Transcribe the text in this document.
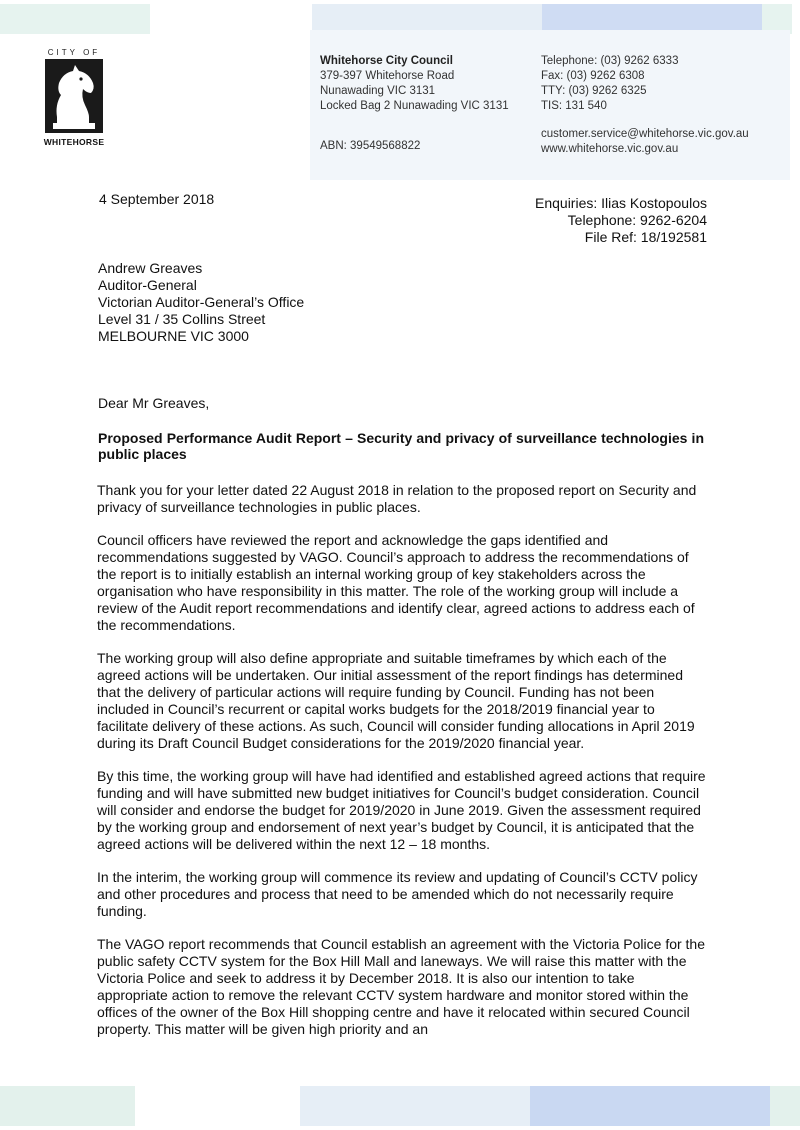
CITY OF
WHITEHORSE
Whitehorse City Council
379-397 Whitehorse Road
Nunawading VIC 3131
Locked Bag 2 Nunawading VIC 3131
Telephone: (03) 9262 6333
Fax: (03) 9262 6308
TTY: (03) 9262 6325
TIS: 131 540
ABN: 39549568822
customer.service@whitehorse.vic.gov.au
www.whitehorse.vic.gov.au
4 September 2018	Enquiries: Ilias Kostopoulos
Telephone: 9262-6204
File Ref: 18/192581
Andrew Greaves
Auditor-General
Victorian Auditor-General’s Office
Level 31 / 35 Collins Street
MELBOURNE VIC 3000
Dear Mr Greaves,
Proposed Performance Audit Report – Security and privacy of surveillance technologies in public places

Thank you for your letter dated 22 August 2018 in relation to the proposed report on Security and privacy of surveillance technologies in public places.

Council officers have reviewed the report and acknowledge the gaps identified and recommendations suggested by VAGO. Council’s approach to address the recommendations of the report is to initially establish an internal working group of key stakeholders across the organisation who have responsibility in this matter. The role of the working group will include a review of the Audit report recommendations and identify clear, agreed actions to address each of the recommendations.

The working group will also define appropriate and suitable timeframes by which each of the agreed actions will be undertaken. Our initial assessment of the report findings has determined that the delivery of particular actions will require funding by Council. Funding has not been included in Council’s recurrent or capital works budgets for the 2018/2019 financial year to facilitate delivery of these actions. As such, Council will consider funding allocations in April 2019 during its Draft Council Budget considerations for the 2019/2020 financial year.

By this time, the working group will have had identified and established agreed actions that require funding and will have submitted new budget initiatives for Council’s budget consideration. Council will consider and endorse the budget for 2019/2020 in June 2019. Given the assessment required by the working group and endorsement of next year’s budget by Council, it is anticipated that the agreed actions will be delivered within the next 12 – 18 months.

In the interim, the working group will commence its review and updating of Council’s CCTV policy and other procedures and process that need to be amended which do not necessarily require funding.

The VAGO report recommends that Council establish an agreement with the Victoria Police for the public safety CCTV system for the Box Hill Mall and laneways. We will raise this matter with the Victoria Police and seek to address it by December 2018. It is also our intention to take appropriate action to remove the relevant CCTV system hardware and monitor stored within the offices of the owner of the Box Hill shopping centre and have it relocated within secured Council property. This matter will be given high priority and an
